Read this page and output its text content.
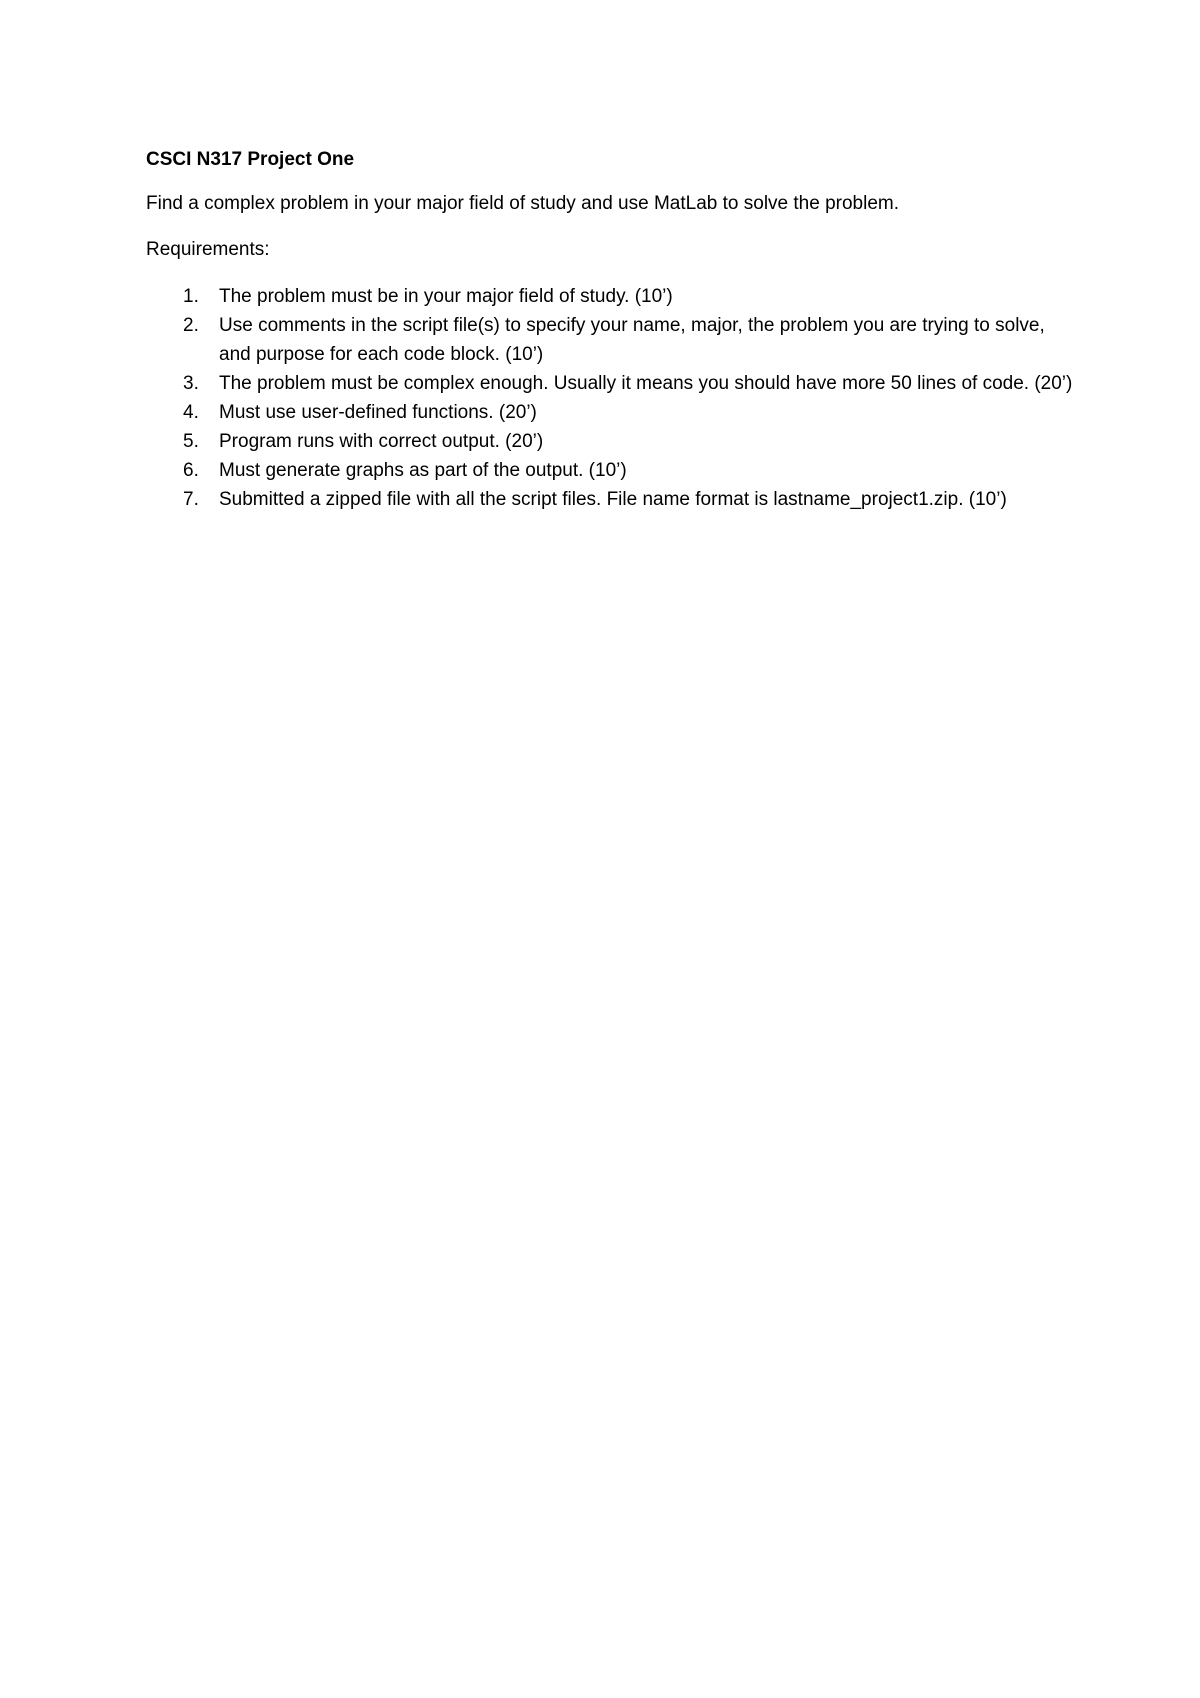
CSCI N317 Project One

Find a complex problem in your major field of study and use MatLab to solve the problem.

Requirements:

1. The problem must be in your major field of study. (10’)
2. Use comments in the script file(s) to specify your name, major, the problem you are trying to solve, and purpose for each code block. (10’)
3. The problem must be complex enough. Usually it means you should have more 50 lines of code. (20’)
4. Must use user-defined functions. (20’)
5. Program runs with correct output. (20’)
6. Must generate graphs as part of the output. (10’)
7. Submitted a zipped file with all the script files. File name format is lastname_project1.zip. (10’)
